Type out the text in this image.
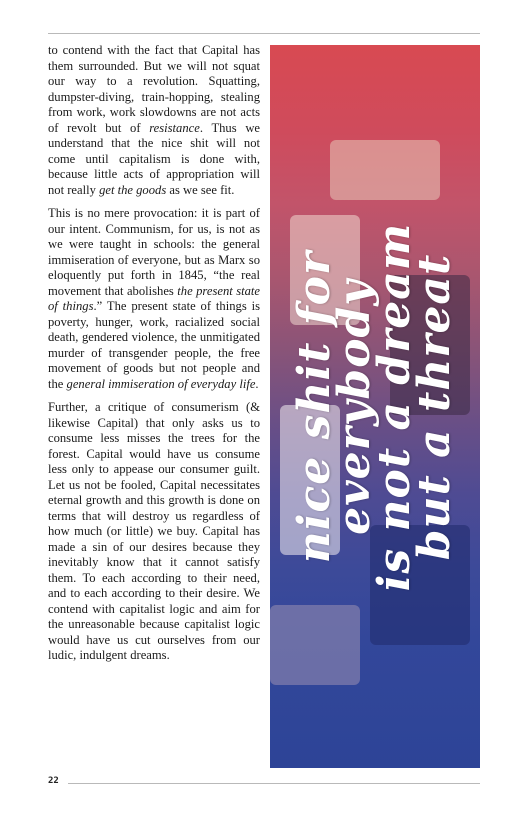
to contend with the fact that Capital has them surrounded. But we will not squat our way to a revolution. Squatting, dumpster-diving, train-hopping, stealing from work, work slowdowns are not acts of revolt but of resistance. Thus we understand that the nice shit will not come until capitalism is done with, because little acts of appropriation will not really get the goods as we see fit.

This is no mere provocation: it is part of our intent. Communism, for us, is not as we were taught in schools: the general immiseration of everyone, but as Marx so eloquently put forth in 1845, “the real movement that abolishes the present state of things.” The present state of things is poverty, hunger, work, racialized social death, gendered violence, the unmitigated murder of transgender people, the free movement of goods but not people and the general immiseration of everyday life.

Further, a critique of consumerism (& likewise Capital) that only asks us to consume less misses the trees for the forest. Capital would have us consume less only to appease our consumer guilt. Let us not be fooled, Capital necessitates eternal growth and this growth is done on terms that will destroy us regardless of how much (or little) we buy. Capital has made a sin of our desires because they inevitably know that it cannot satisfy them. To each according to their need, and to each according to their desire. We contend with capitalist logic and aim for the unreasonable because capitalist logic would have us cut ourselves from our ludic, indulgent dreams.

nice shit for
everybody
is not a dream
but a threat
22
